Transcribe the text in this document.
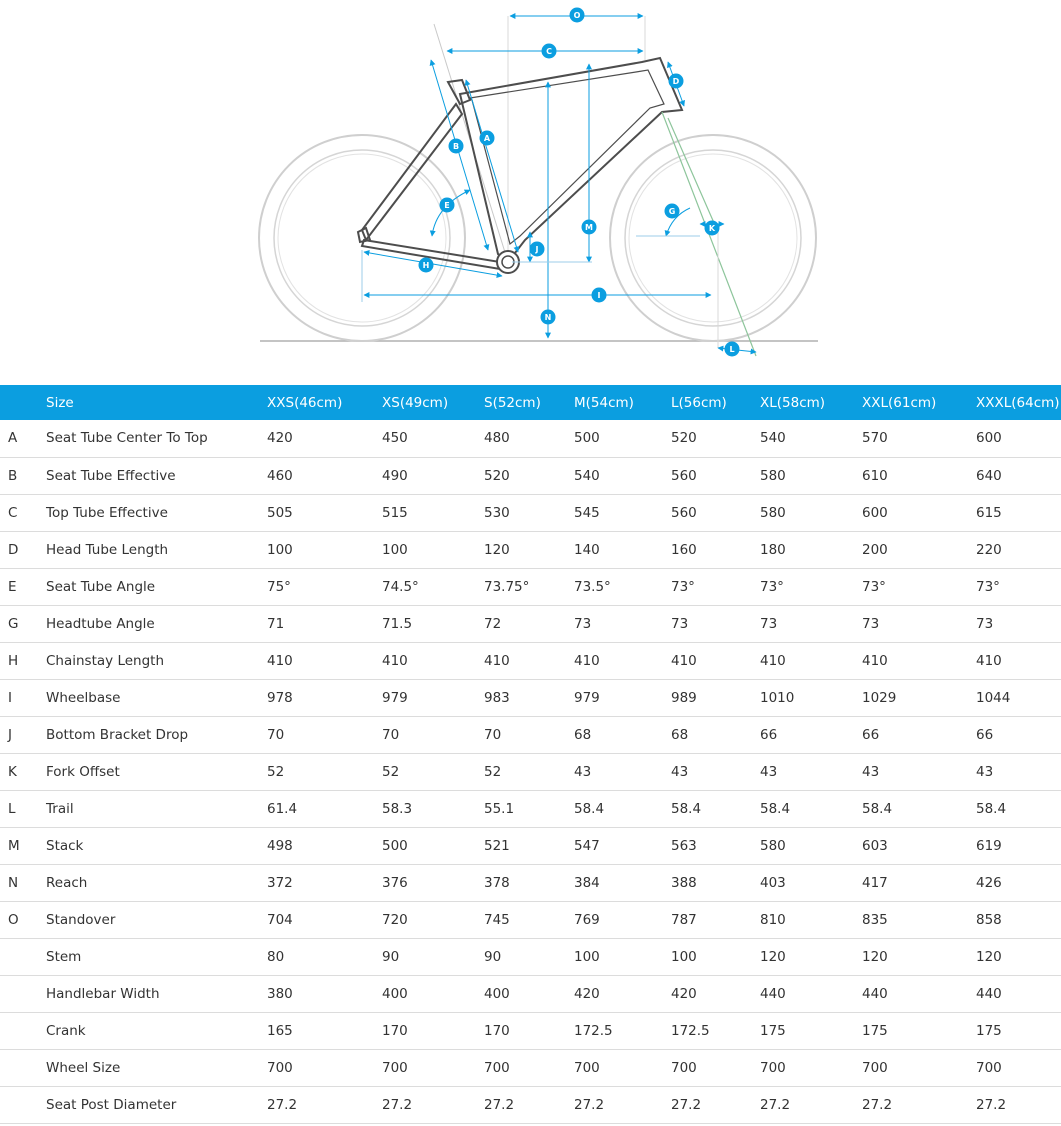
O
C
D
A
B
E
G
M	K
J
H
I
N
L
	Size	XXS(46cm)	XS(49cm)	S(52cm)	M(54cm)	L(56cm)	XL(58cm)	XXL(61cm)	XXXL(64cm)
A	Seat Tube Center To Top	420	450	480	500	520	540	570	600
B	Seat Tube Effective	460	490	520	540	560	580	610	640
C	Top Tube Effective	505	515	530	545	560	580	600	615
D	Head Tube Length	100	100	120	140	160	180	200	220
E	Seat Tube Angle	75°	74.5°	73.75°	73.5°	73°	73°	73°	73°
G	Headtube Angle	71	71.5	72	73	73	73	73	73
H	Chainstay Length	410	410	410	410	410	410	410	410
I	Wheelbase	978	979	983	979	989	1010	1029	1044
J	Bottom Bracket Drop	70	70	70	68	68	66	66	66
K	Fork Offset	52	52	52	43	43	43	43	43
L	Trail	61.4	58.3	55.1	58.4	58.4	58.4	58.4	58.4
M	Stack	498	500	521	547	563	580	603	619
N	Reach	372	376	378	384	388	403	417	426
O	Standover	704	720	745	769	787	810	835	858
	Stem	80	90	90	100	100	120	120	120
	Handlebar Width	380	400	400	420	420	440	440	440
	Crank	165	170	170	172.5	172.5	175	175	175
	Wheel Size	700	700	700	700	700	700	700	700
	Seat Post Diameter	27.2	27.2	27.2	27.2	27.2	27.2	27.2	27.2
